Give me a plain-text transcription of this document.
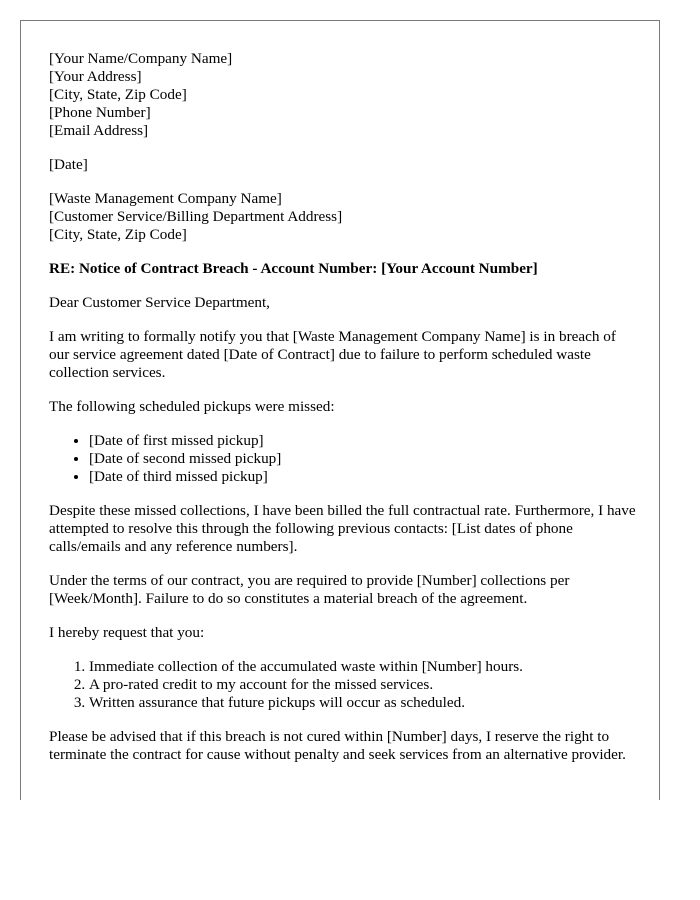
[Your Name/Company Name]
[Your Address]
[City, State, Zip Code]
[Phone Number]
[Email Address]
[Date]
[Waste Management Company Name]
[Customer Service/Billing Department Address]
[City, State, Zip Code]

RE: Notice of Contract Breach - Account Number: [Your Account Number]

Dear Customer Service Department,

I am writing to formally notify you that [Waste Management Company Name] is in breach of our service agreement dated [Date of Contract] due to failure to perform scheduled waste collection services.

The following scheduled pickups were missed:

• [Date of first missed pickup]
• [Date of second missed pickup]
• [Date of third missed pickup]

Despite these missed collections, I have been billed the full contractual rate. Furthermore, I have attempted to resolve this through the following previous contacts: [List dates of phone calls/emails and any reference numbers].

Under the terms of our contract, you are required to provide [Number] collections per [Week/Month]. Failure to do so constitutes a material breach of the agreement.

I hereby request that you:

1. Immediate collection of the accumulated waste within [Number] hours.
2. A pro-rated credit to my account for the missed services.
3. Written assurance that future pickups will occur as scheduled.

Please be advised that if this breach is not cured within [Number] days, I reserve the right to terminate the contract for cause without penalty and seek services from an alternative provider.
